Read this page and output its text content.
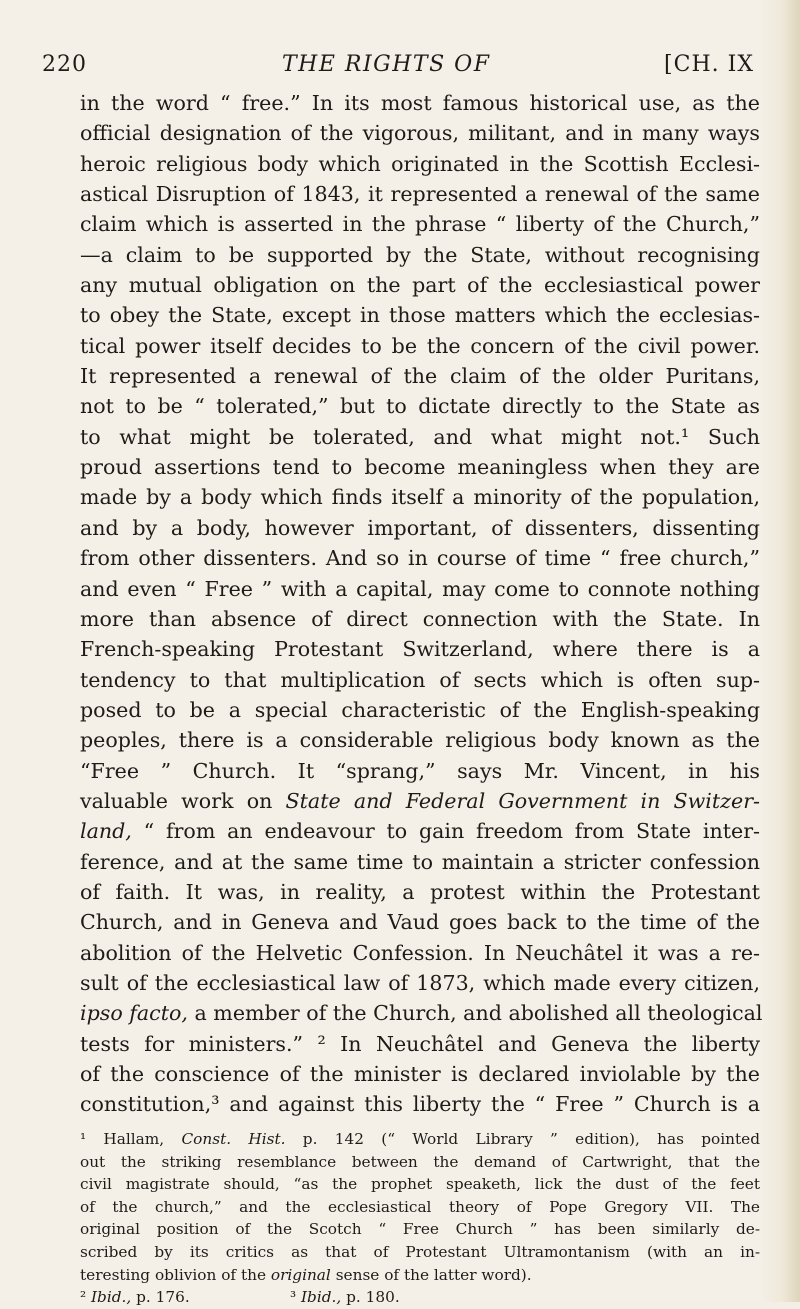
220	THE RIGHTS OF	[CH. IX
in the word “ free.” In its most famous historical use, as the
official designation of the vigorous, militant, and in many ways
heroic religious body which originated in the Scottish Ecclesi-
astical Disruption of 1843, it represented a renewal of the same
claim which is asserted in the phrase “ liberty of the Church,”
—a claim to be supported by the State, without recognising
any mutual obligation on the part of the ecclesiastical power
to obey the State, except in those matters which the ecclesias-
tical power itself decides to be the concern of the civil power.
It represented a renewal of the claim of the older Puritans,
not to be “ tolerated,” but to dictate directly to the State as
to what might be tolerated, and what might not.¹ Such
proud assertions tend to become meaningless when they are
made by a body which finds itself a minority of the population,
and by a body, however important, of dissenters, dissenting
from other dissenters. And so in course of time “ free church,”
and even “ Free ” with a capital, may come to connote nothing
more than absence of direct connection with the State. In
French-speaking Protestant Switzerland, where there is a
tendency to that multiplication of sects which is often sup-
posed to be a special characteristic of the English-speaking
peoples, there is a considerable religious body known as the
“Free ” Church. It “sprang,” says Mr. Vincent, in his
valuable work on State and Federal Government in Switzer-
land, “ from an endeavour to gain freedom from State inter-
ference, and at the same time to maintain a stricter confession
of faith. It was, in reality, a protest within the Protestant
Church, and in Geneva and Vaud goes back to the time of the
abolition of the Helvetic Confession. In Neuchâtel it was a re-
sult of the ecclesiastical law of 1873, which made every citizen,
ipso facto, a member of the Church, and abolished all theological
tests for ministers.” ² In Neuchâtel and Geneva the liberty
of the conscience of the minister is declared inviolable by the
constitution,³ and against this liberty the “ Free ” Church is a
¹ Hallam, Const. Hist. p. 142 (“ World Library ” edition), has pointed
out the striking resemblance between the demand of Cartwright, that the
civil magistrate should, “as the prophet speaketh, lick the dust of the feet
of the church,” and the ecclesiastical theory of Pope Gregory VII. The
original position of the Scotch “ Free Church ” has been similarly de-
scribed by its critics as that of Protestant Ultramontanism (with an in-
teresting oblivion of the original sense of the latter word).
² Ibid., p. 176.	³ Ibid., p. 180.
